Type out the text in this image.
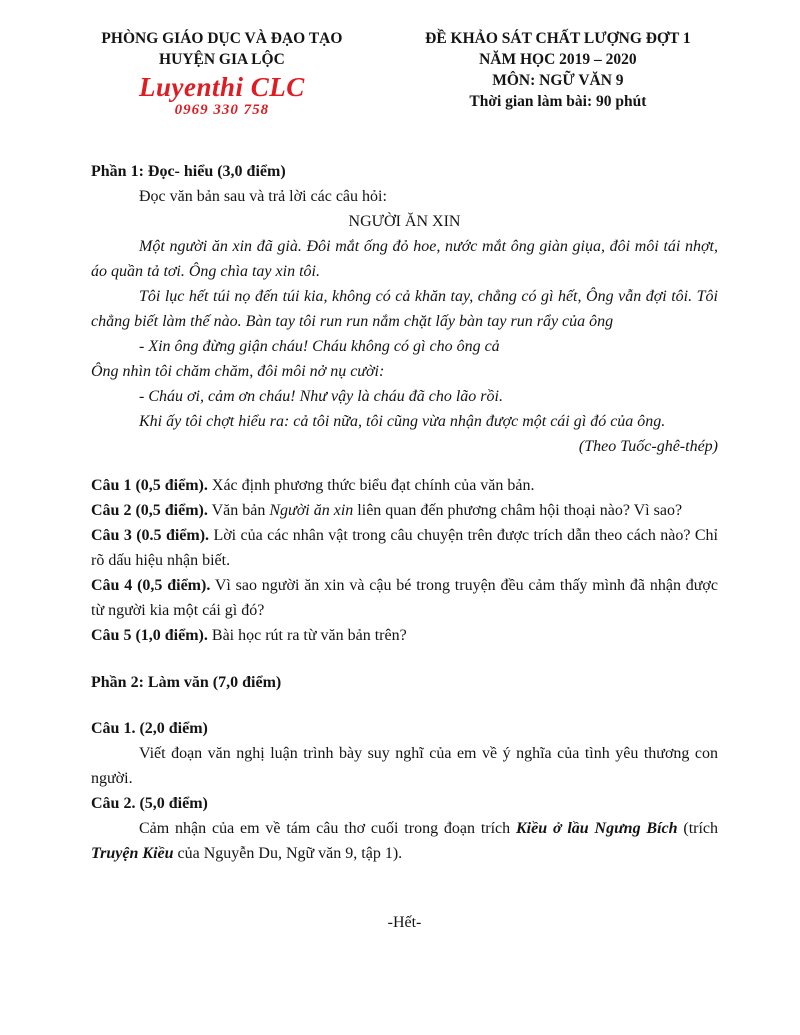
PHÒNG GIÁO DỤC VÀ ĐẠO TẠO
HUYỆN GIA LỘC
Luyenthi CLC
0969 330 758
ĐỀ KHẢO SÁT CHẤT LƯỢNG ĐỢT 1
NĂM HỌC 2019 – 2020
MÔN: NGỮ VĂN 9
Thời gian làm bài: 90 phút
Phần 1: Đọc- hiểu (3,0 điểm)
Đọc văn bản sau và trả lời các câu hỏi:
NGƯỜI ĂN XIN

Một người ăn xin đã già. Đôi mắt ống đỏ hoe, nước mắt ông giàn giụa, đôi môi tái nhợt, áo quần tả tơi. Ông chìa tay xin tôi.

Tôi lục hết túi nọ đến túi kia, không có cả khăn tay, chẳng có gì hết, Ông vẫn đợi tôi. Tôi chẳng biết làm thế nào. Bàn tay tôi run run nắm chặt lấy bàn tay run rẩy của ông

- Xin ông đừng giận cháu! Cháu không có gì cho ông cả

Ông nhìn tôi chăm chăm, đôi môi nở nụ cười:

- Cháu ơi, cảm ơn cháu! Như vậy là cháu đã cho lão rồi.

Khi ấy tôi chợt hiểu ra: cả tôi nữa, tôi cũng vừa nhận được một cái gì đó của ông.

(Theo Tuốc-ghê-thép)

Câu 1 (0,5 điểm). Xác định phương thức biểu đạt chính của văn bản.

Câu 2 (0,5 điểm). Văn bản Người ăn xin liên quan đến phương châm hội thoại nào? Vì sao?

Câu 3 (0.5 điểm). Lời của các nhân vật trong câu chuyện trên được trích dẫn theo cách nào? Chỉ rõ dấu hiệu nhận biết.

Câu 4 (0,5 điểm). Vì sao người ăn xin và cậu bé trong truyện đều cảm thấy mình đã nhận được từ người kia một cái gì đó?

Câu 5 (1,0 điểm). Bài học rút ra từ văn bản trên?

Phần 2: Làm văn (7,0 điểm)
Câu 1. (2,0 điểm)

Viết đoạn văn nghị luận trình bày suy nghĩ của em về ý nghĩa của tình yêu thương con người.

Câu 2. (5,0 điểm)

Cảm nhận của em về tám câu thơ cuối trong đoạn trích Kiều ở lầu Ngưng Bích (trích Truyện Kiều của Nguyễn Du, Ngữ văn 9, tập 1).

-Hết-
